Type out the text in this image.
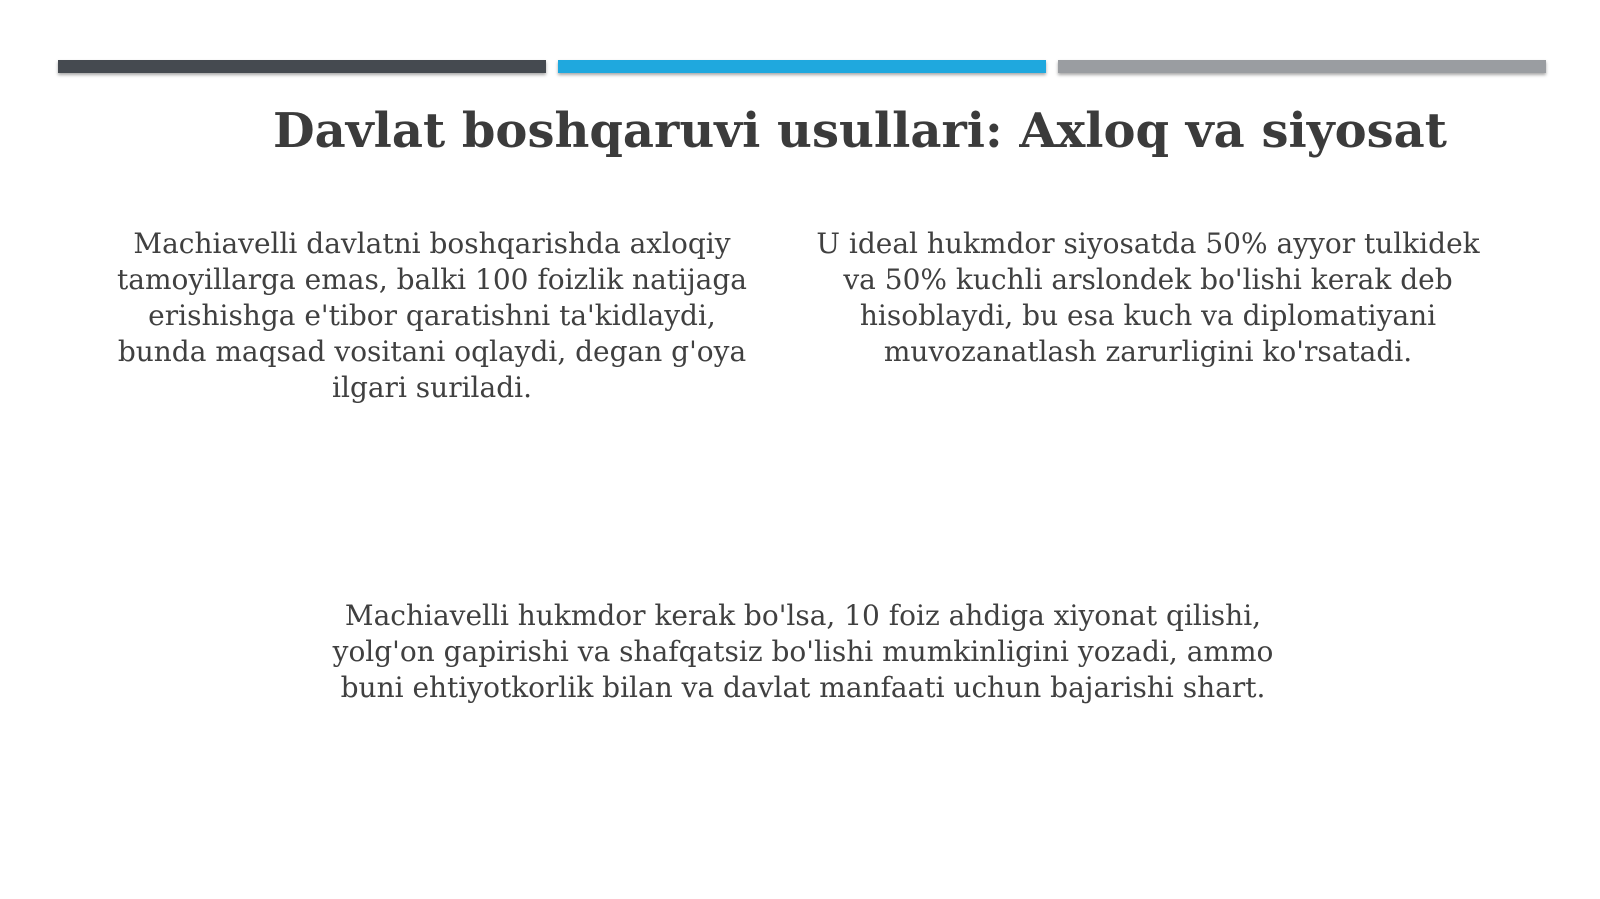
Davlat boshqaruvi usullari: Axloq va siyosat
Machiavelli davlatni boshqarishda axloqiy tamoyillarga emas, balki 100 foizlik natijaga erishishga e'tibor qaratishni ta'kidlaydi, bunda maqsad vositani oqlaydi, degan g'oya ilgari suriladi.
U ideal hukmdor siyosatda 50% ayyor tulkidek va 50% kuchli arslondek bo'lishi kerak deb hisoblaydi, bu esa kuch va diplomatiyani muvozanatlash zarurligini ko'rsatadi.
Machiavelli hukmdor kerak bo'lsa, 10 foiz ahdiga xiyonat qilishi, yolg'on gapirishi va shafqatsiz bo'lishi mumkinligini yozadi, ammo buni ehtiyotkorlik bilan va davlat manfaati uchun bajarishi shart.
